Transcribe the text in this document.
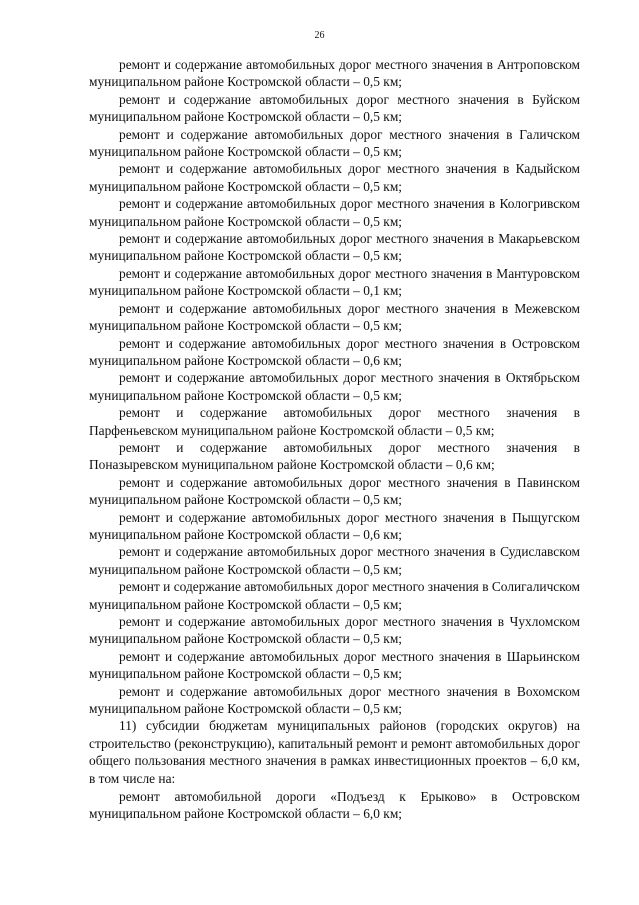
26

ремонт и содержание автомобильных дорог местного значения в Антроповском муниципальном районе Костромской области – 0,5 км;

ремонт и содержание автомобильных дорог местного значения в Буйском муниципальном районе Костромской области – 0,5 км;

ремонт и содержание автомобильных дорог местного значения в Галичском муниципальном районе Костромской области – 0,5 км;

ремонт и содержание автомобильных дорог местного значения в Кадыйском муниципальном районе Костромской области – 0,5 км;

ремонт и содержание автомобильных дорог местного значения в Кологривском муниципальном районе Костромской области – 0,5 км;

ремонт и содержание автомобильных дорог местного значения в Макарьевском муниципальном районе Костромской области – 0,5 км;

ремонт и содержание автомобильных дорог местного значения в Мантуровском муниципальном районе Костромской области – 0,1 км;

ремонт и содержание автомобильных дорог местного значения в Межевском муниципальном районе Костромской области – 0,5 км;

ремонт и содержание автомобильных дорог местного значения в Островском муниципальном районе Костромской области – 0,6 км;

ремонт и содержание автомобильных дорог местного значения в Октябрьском муниципальном районе Костромской области – 0,5 км;

ремонт и содержание автомобильных дорог местного значения в Парфеньевском муниципальном районе Костромской области – 0,5 км;

ремонт и содержание автомобильных дорог местного значения в Поназыревском муниципальном районе Костромской области – 0,6 км;

ремонт и содержание автомобильных дорог местного значения в Павинском муниципальном районе Костромской области – 0,5 км;

ремонт и содержание автомобильных дорог местного значения в Пыщугском муниципальном районе Костромской области – 0,6 км;

ремонт и содержание автомобильных дорог местного значения в Судиславском муниципальном районе Костромской области – 0,5 км;

ремонт и содержание автомобильных дорог местного значения в Солигаличском муниципальном районе Костромской области – 0,5 км;

ремонт и содержание автомобильных дорог местного значения в Чухломском муниципальном районе Костромской области – 0,5 км;

ремонт и содержание автомобильных дорог местного значения в Шарьинском муниципальном районе Костромской области – 0,5 км;

ремонт и содержание автомобильных дорог местного значения в Вохомском муниципальном районе Костромской области – 0,5 км;

11) субсидии бюджетам муниципальных районов (городских округов) на строительство (реконструкцию), капитальный ремонт и ремонт автомобильных дорог общего пользования местного значения в рамках инвестиционных проектов – 6,0 км, в том числе на:

ремонт автомобильной дороги «Подъезд к Ерыково» в Островском муниципальном районе Костромской области – 6,0 км;
